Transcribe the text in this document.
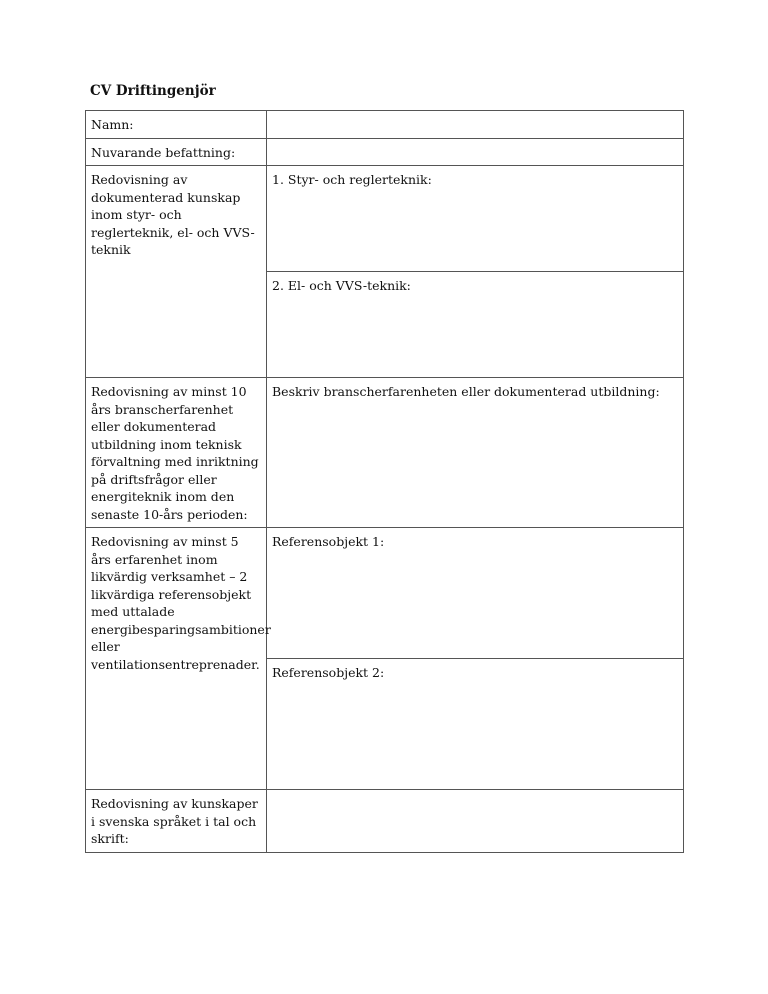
CV Driftingenjör
Namn:	
Nuvarande befattning:	
Redovisning av dokumenterad kunskap inom styr- och reglerteknik, el- och VVS-teknik	1. Styr- och reglerteknik:
	2. El- och VVS-teknik:
Redovisning av minst 10 års branscherfarenhet eller dokumenterad utbildning inom teknisk förvaltning med inriktning på driftsfrågor eller energiteknik inom den senaste 10-års perioden:	Beskriv branscherfarenheten eller dokumenterad utbildning:
Redovisning av minst 5 års erfarenhet inom likvärdig verksamhet – 2 likvärdiga referensobjekt med uttalade energibesparingsambitioner eller ventilationsentreprenader.	Referensobjekt 1:
	Referensobjekt 2:
Redovisning av kunskaper i svenska språket i tal och skrift:	
